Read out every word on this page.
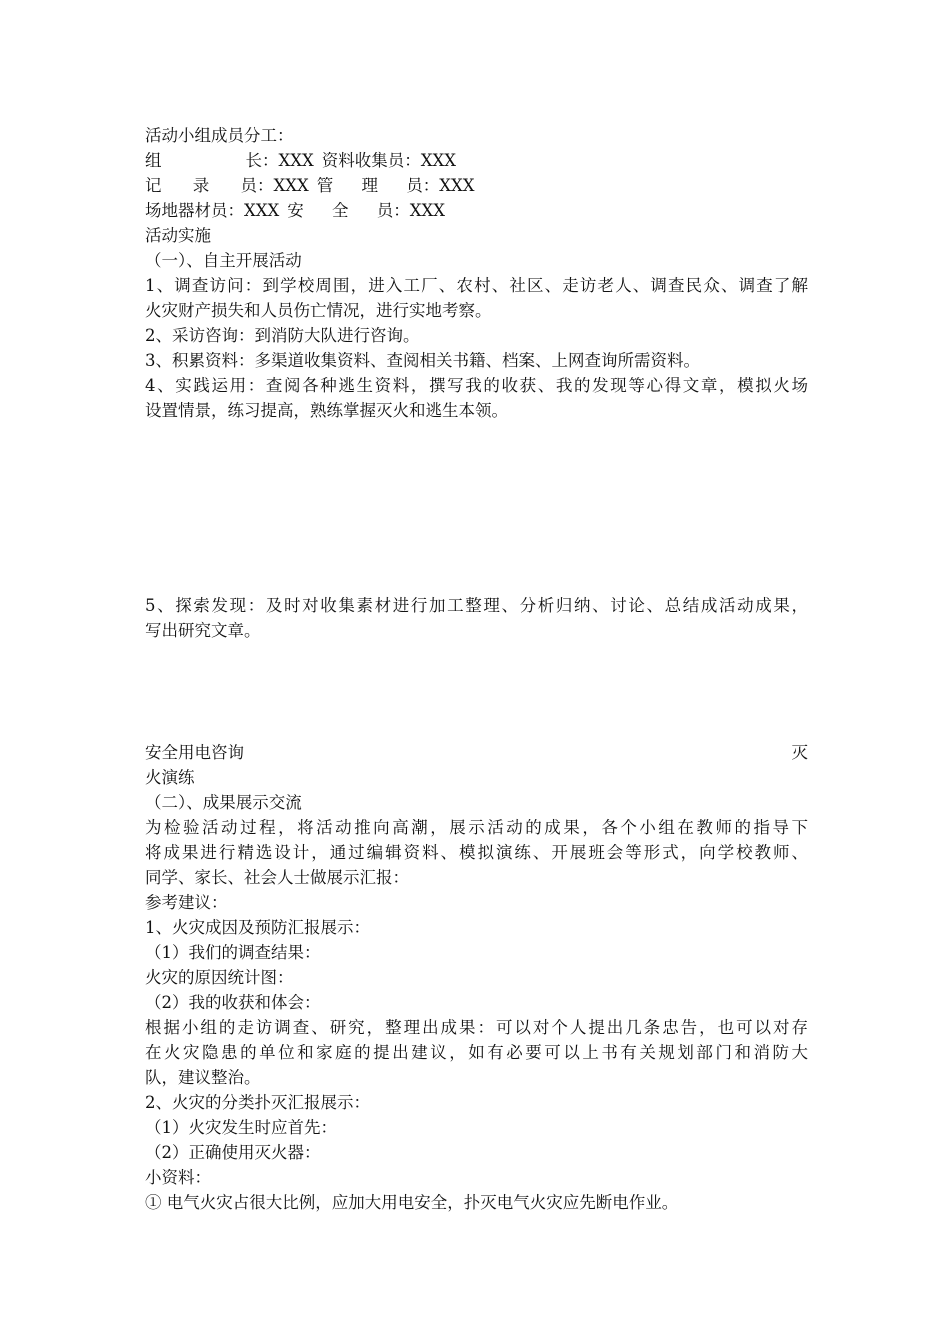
活动小组成员分工：

组长：XXX 资料收集员：XXX

记录员：XXX 管理员：XXX

场地器材员：XXX 安全员：XXX

活动实施

（一）、自主开展活动

1、调查访问：到学校周围，进入工厂、农村、社区、走访老人、调查民众、调查了解

火灾财产损失和人员伤亡情况，进行实地考察。

2、采访咨询：到消防大队进行咨询。

3、积累资料：多渠道收集资料、查阅相关书籍、档案、上网查询所需资料。

4、实践运用：查阅各种逃生资料，撰写我的收获、我的发现等心得文章，模拟火场

设置情景，练习提高，熟练掌握灭火和逃生本领。

5、探索发现：及时对收集素材进行加工整理、分析归纳、讨论、总结成活动成果，

写出研究文章。

安全用电咨询	灭

火演练

（二）、成果展示交流

为检验活动过程，将活动推向高潮，展示活动的成果，各个小组在教师的指导下

将成果进行精选设计，通过编辑资料、模拟演练、开展班会等形式，向学校教师、

同学、家长、社会人士做展示汇报：

参考建议：

1、火灾成因及预防汇报展示：

（1）我们的调查结果：

火灾的原因统计图：

（2）我的收获和体会：

根据小组的走访调查、研究，整理出成果：可以对个人提出几条忠告，也可以对存

在火灾隐患的单位和家庭的提出建议，如有必要可以上书有关规划部门和消防大

队，建议整治。

2、火灾的分类扑灭汇报展示：

（1）火灾发生时应首先：

（2）正确使用灭火器：

小资料：

① 电气火灾占很大比例，应加大用电安全，扑灭电气火灾应先断电作业。
